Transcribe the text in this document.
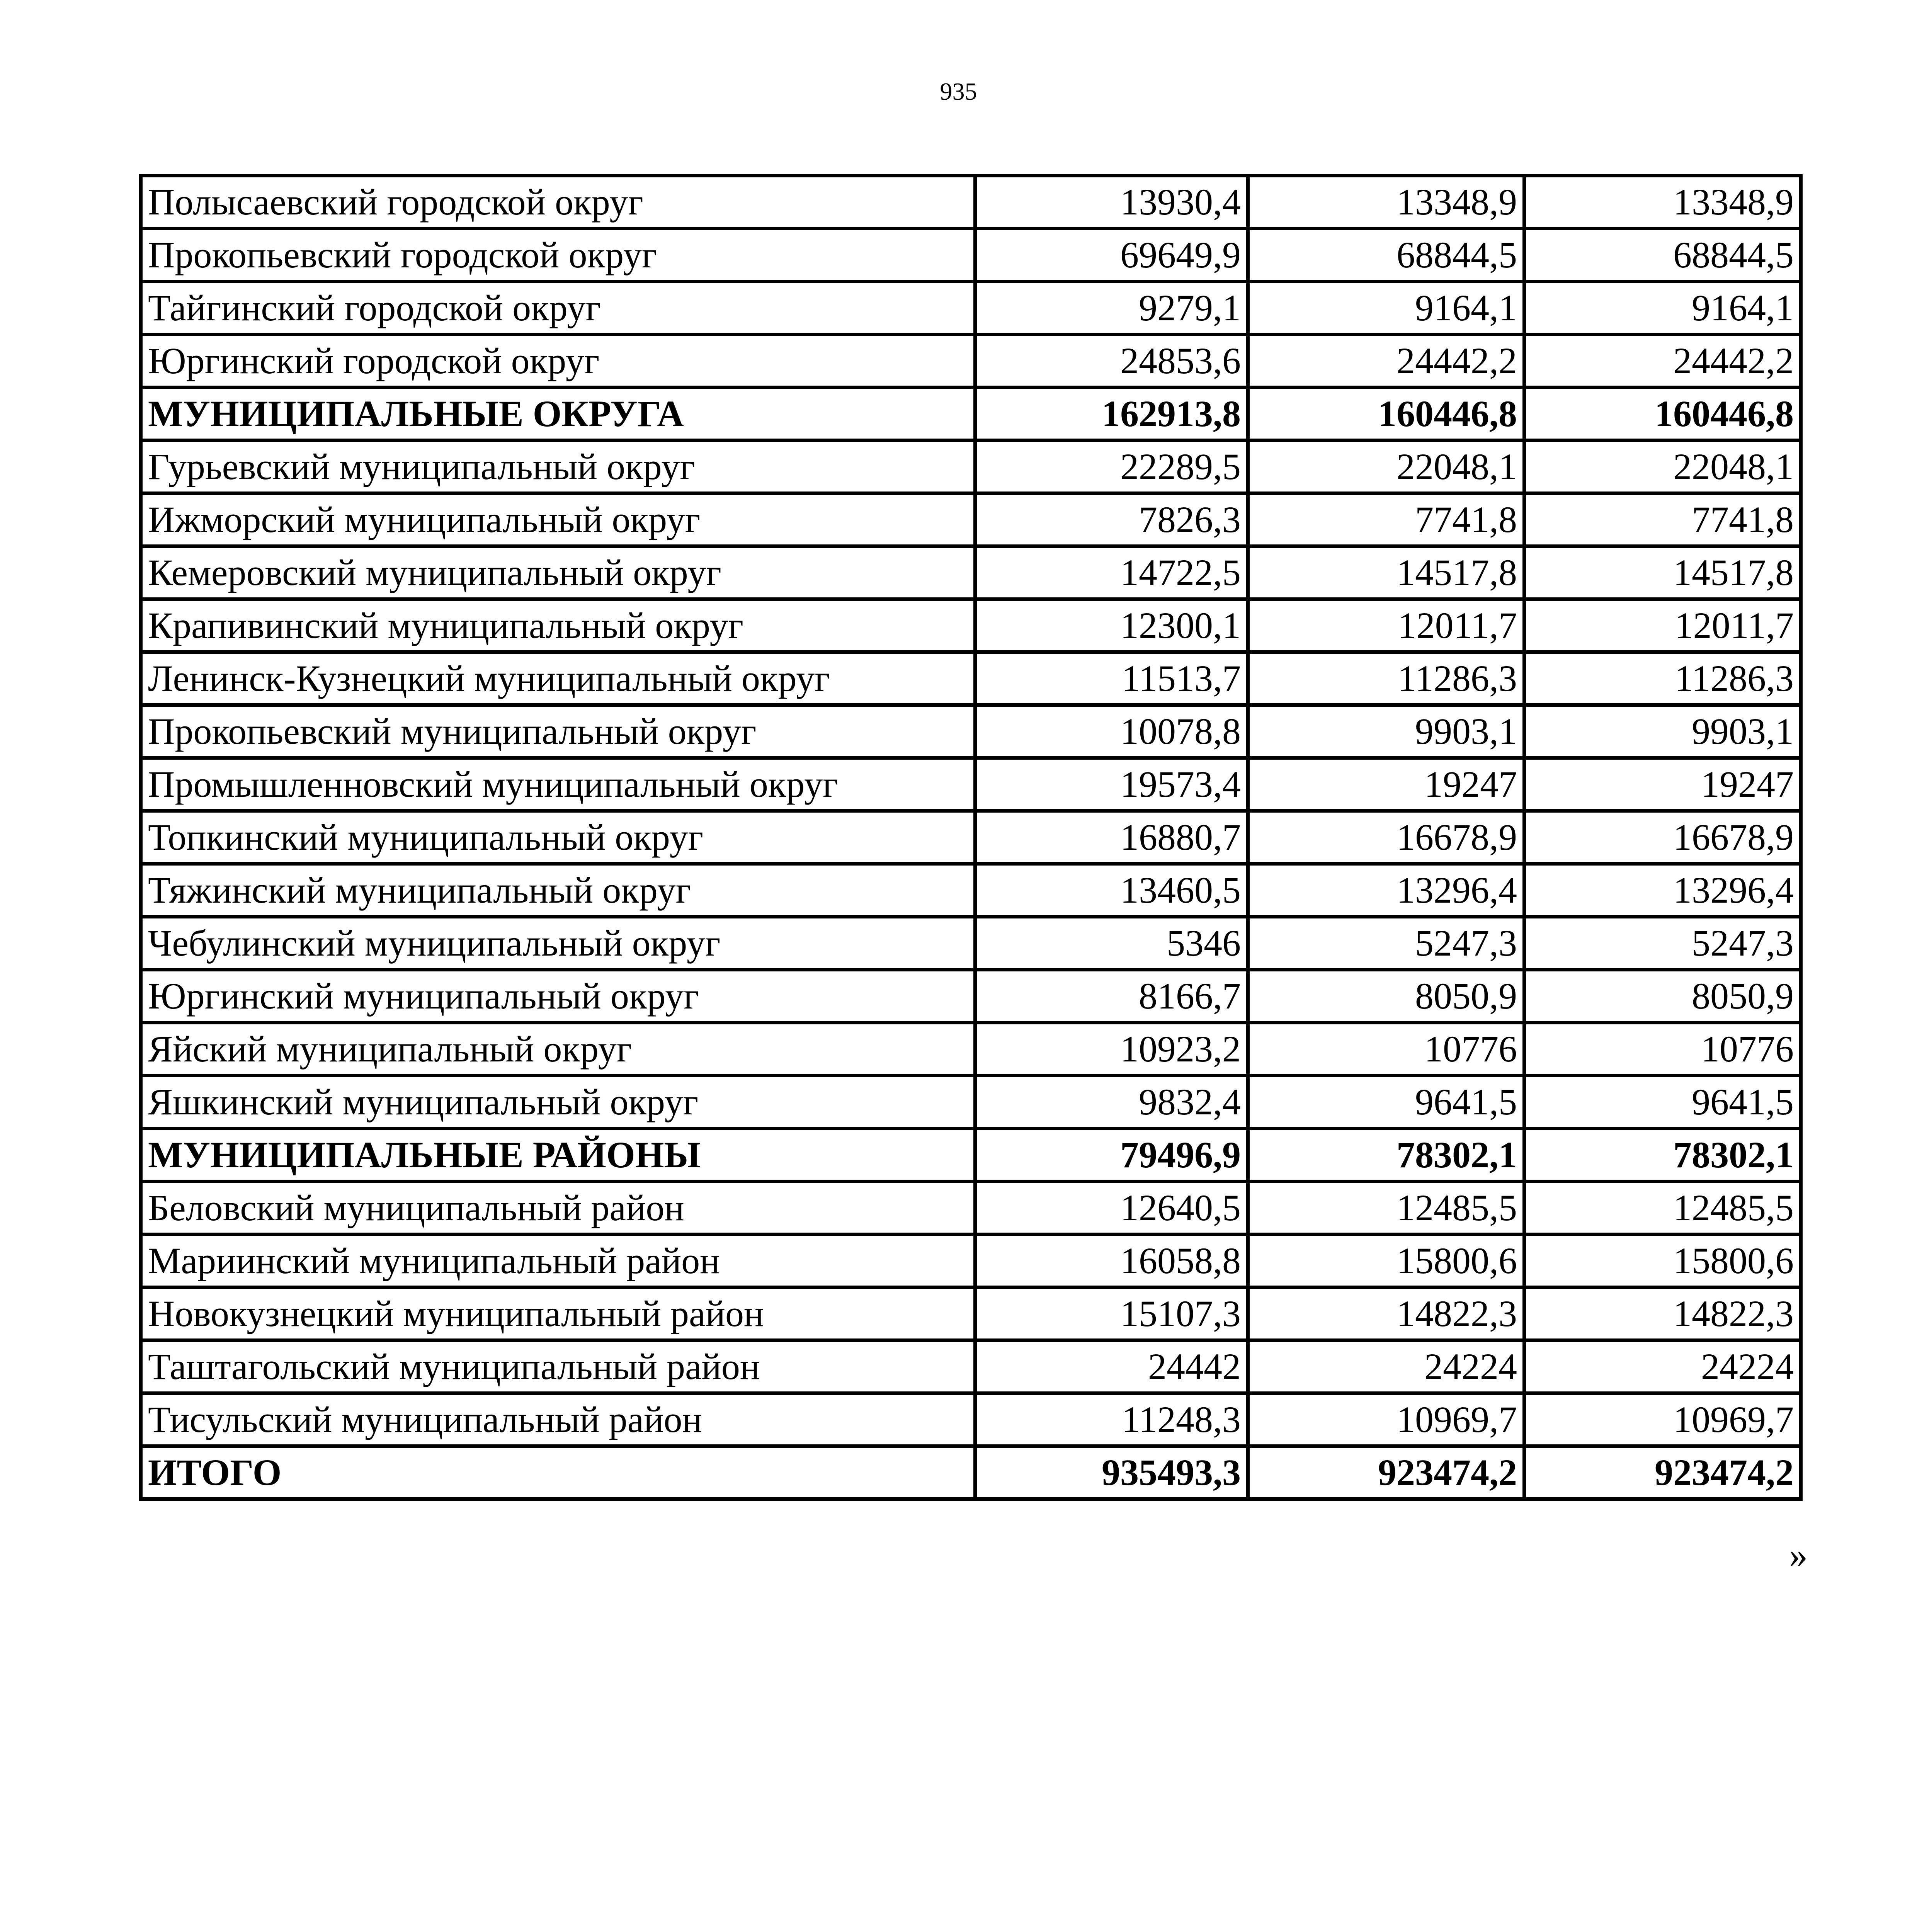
935
Полысаевский городской округ	13930,4	13348,9	13348,9
Прокопьевский городской округ	69649,9	68844,5	68844,5
Тайгинский городской округ	9279,1	9164,1	9164,1
Юргинский городской округ	24853,6	24442,2	24442,2
МУНИЦИПАЛЬНЫЕ ОКРУГА	162913,8	160446,8	160446,8
Гурьевский муниципальный округ	22289,5	22048,1	22048,1
Ижморский муниципальный округ	7826,3	7741,8	7741,8
Кемеровский муниципальный округ	14722,5	14517,8	14517,8
Крапивинский муниципальный округ	12300,1	12011,7	12011,7
Ленинск-Кузнецкий муниципальный округ	11513,7	11286,3	11286,3
Прокопьевский муниципальный округ	10078,8	9903,1	9903,1
Промышленновский муниципальный округ	19573,4	19247	19247
Топкинский муниципальный округ	16880,7	16678,9	16678,9
Тяжинский муниципальный округ	13460,5	13296,4	13296,4
Чебулинский муниципальный округ	5346	5247,3	5247,3
Юргинский муниципальный округ	8166,7	8050,9	8050,9
Яйский муниципальный округ	10923,2	10776	10776
Яшкинский муниципальный округ	9832,4	9641,5	9641,5
МУНИЦИПАЛЬНЫЕ РАЙОНЫ	79496,9	78302,1	78302,1
Беловский муниципальный район	12640,5	12485,5	12485,5
Мариинский муниципальный район	16058,8	15800,6	15800,6
Новокузнецкий муниципальный район	15107,3	14822,3	14822,3
Таштагольский муниципальный район	24442	24224	24224
Тисульский муниципальный район	11248,3	10969,7	10969,7
ИТОГО	935493,3	923474,2	923474,2
»
